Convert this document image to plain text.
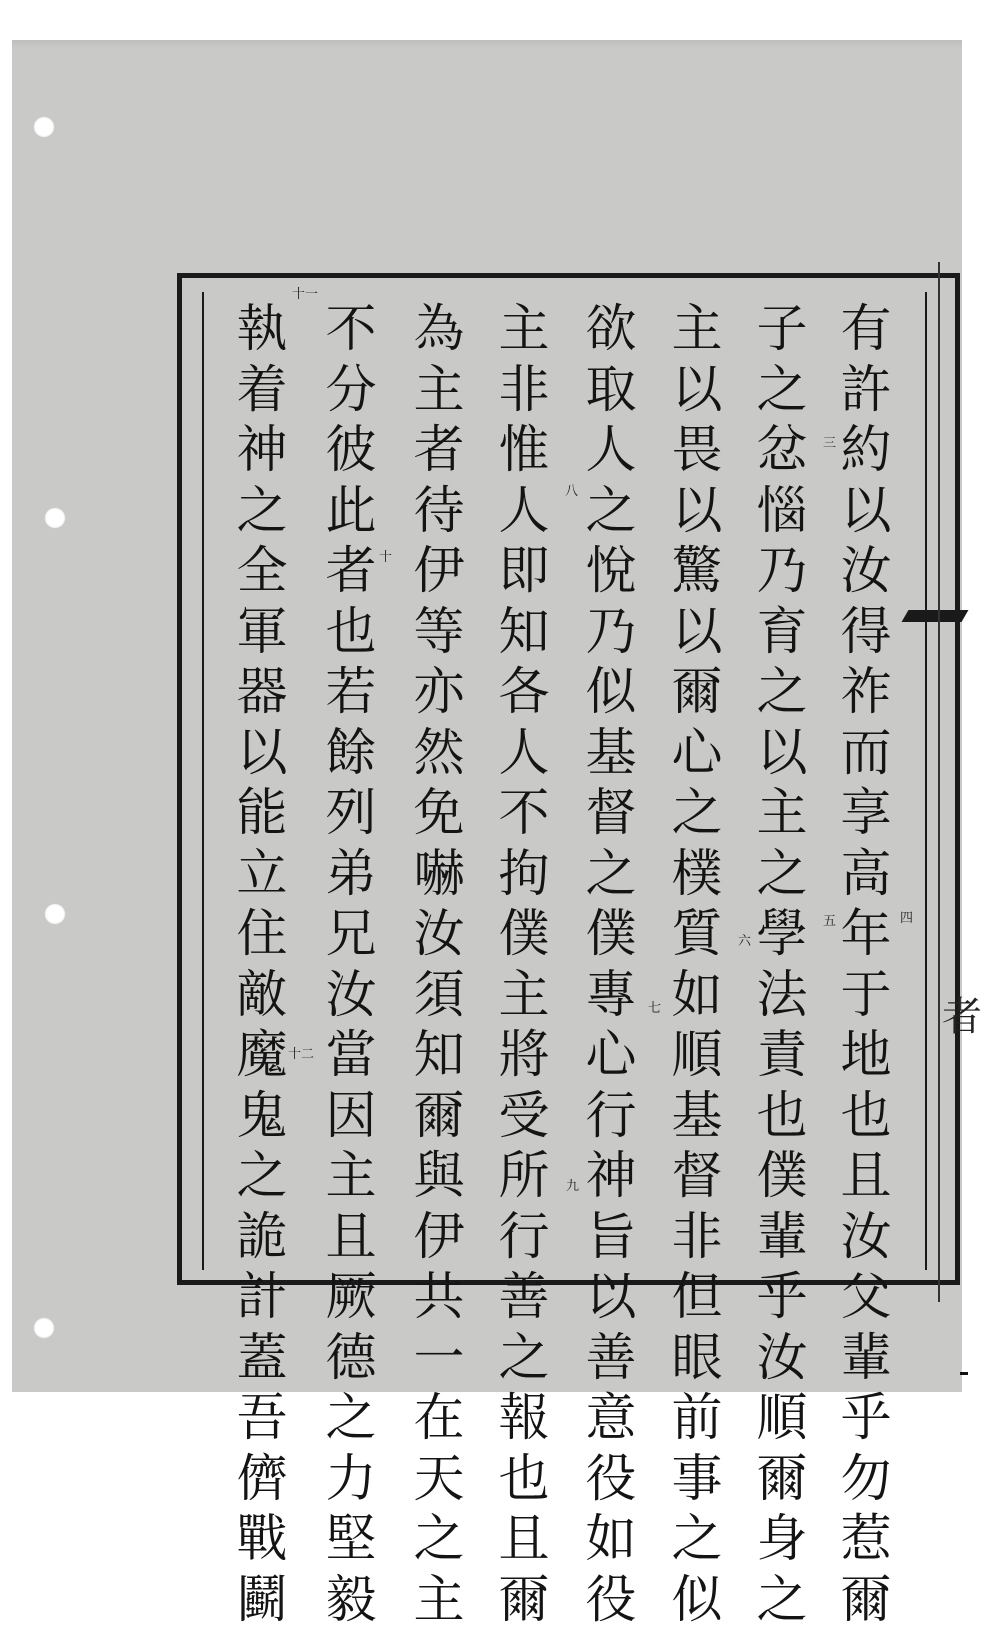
者
有許約以汝得祚而享高年于地也且汝父輩乎勿惹爾
子之忿惱乃育之以主之學法責也僕輩乎汝順爾身之
主以畏以驚以爾心之樸質如順基督非但眼前事之似
欲取人之悅乃似基督之僕專心行神旨以善意役如役
主非惟人即知各人不拘僕主將受所行善之報也且爾
為主者待伊等亦然免嚇汝須知爾與伊共一在天之主
不分彼此者也若餘列弟兄汝當因主且厥德之力堅毅
執着神之全軍器以能立住敵魔鬼之詭計蓋吾儕戰鬬
三
四
五
六
七
八
九
十
十一
十二
